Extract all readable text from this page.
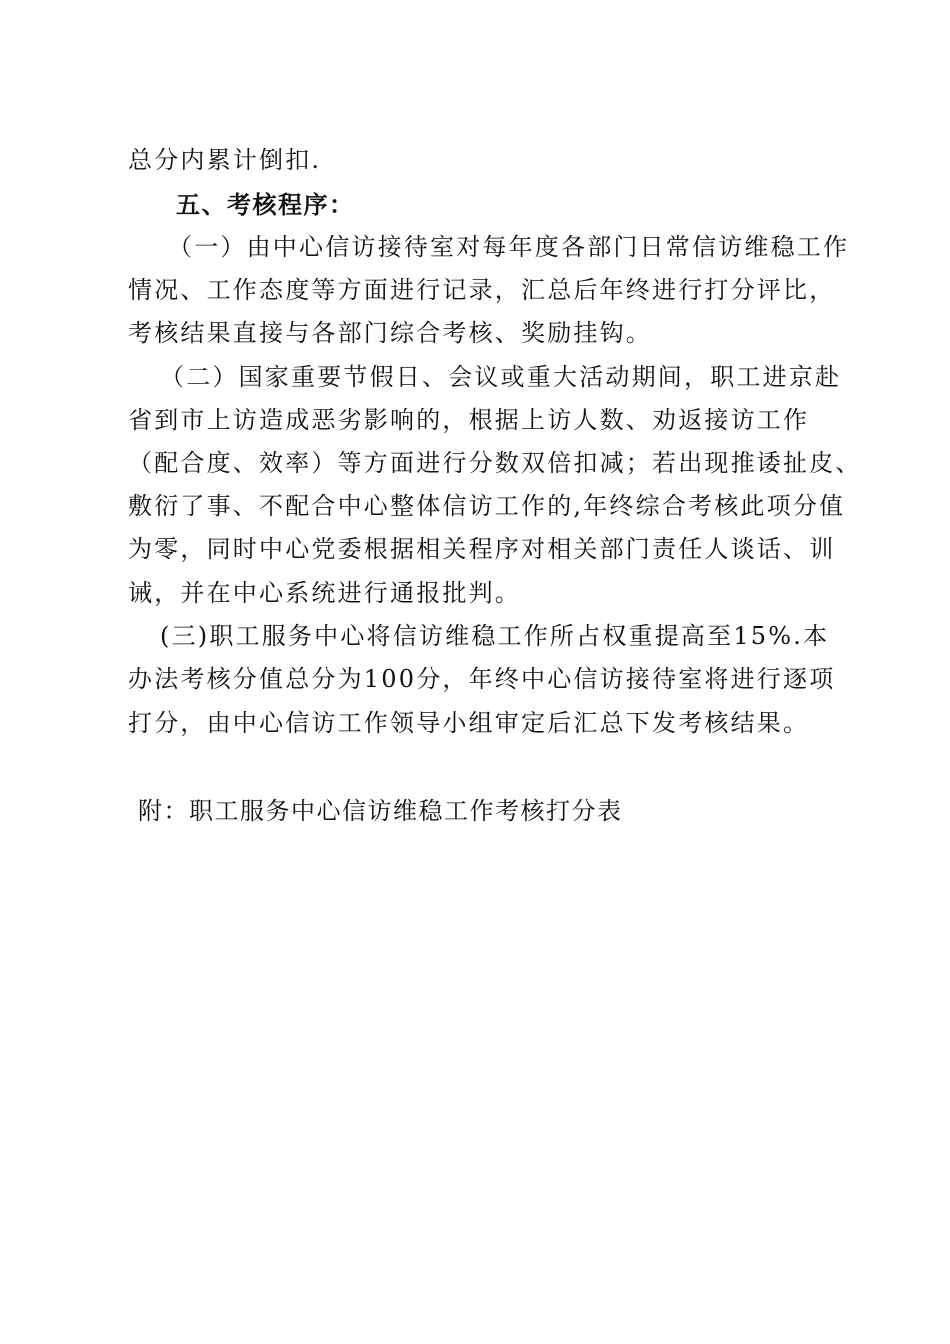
总分内累计倒扣.
五、考核程序：
（一）由中心信访接待室对每年度各部门日常信访维稳工作
情况、工作态度等方面进行记录，汇总后年终进行打分评比，
考核结果直接与各部门综合考核、奖励挂钩。
（二）国家重要节假日、会议或重大活动期间，职工进京赴
省到市上访造成恶劣影响的，根据上访人数、劝返接访工作
（配合度、效率）等方面进行分数双倍扣减；若出现推诿扯皮、
敷衍了事、不配合中心整体信访工作的,年终综合考核此项分值
为零，同时中心党委根据相关程序对相关部门责任人谈话、训
诫，并在中心系统进行通报批判。
(三)职工服务中心将信访维稳工作所占权重提高至15%.本
办法考核分值总分为100分，年终中心信访接待室将进行逐项
打分，由中心信访工作领导小组审定后汇总下发考核结果。
附：职工服务中心信访维稳工作考核打分表
